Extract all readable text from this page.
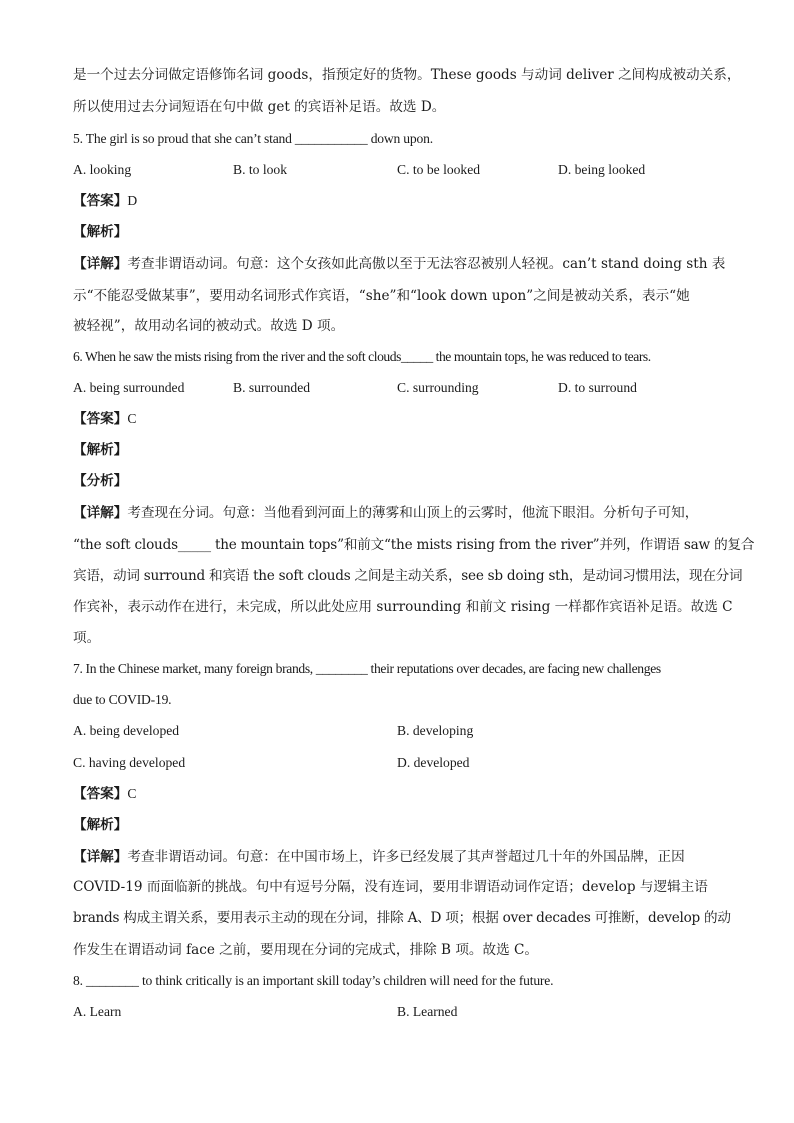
是一个过去分词做定语修饰名词 goods，指预定好的货物。These goods 与动词 deliver 之间构成被动关系，
所以使用过去分词短语在句中做 get 的宾语补足语。故选 D。
5. The girl is so proud that she can’t stand ___________ down upon.
A. looking	B. to look	C. to be looked	D. being looked
【答案】D
【解析】
【详解】考查非谓语动词。句意：这个女孩如此高傲以至于无法容忍被别人轻视。can’t stand doing sth 表
示“不能忍受做某事”，要用动名词形式作宾语，“she”和“look down upon”之间是被动关系，表示“她
被轻视”，故用动名词的被动式。故选 D 项。
6. When he saw the mists rising from the river and the soft clouds_____ the mountain tops, he was reduced to tears.
A. being surrounded	B. surrounded	C. surrounding	D. to surround
【答案】C
【解析】
【分析】
【详解】考查现在分词。句意：当他看到河面上的薄雾和山顶上的云雾时，他流下眼泪。分析句子可知，
“the soft clouds_____ the mountain tops”和前文“the mists rising from the river”并列，作谓语 saw 的复合
宾语，动词 surround 和宾语 the soft clouds 之间是主动关系，see sb doing sth，是动词习惯用法，现在分词
作宾补，表示动作在进行，未完成，所以此处应用 surrounding 和前文 rising 一样都作宾语补足语。故选 C
项。
7. In the Chinese market, many foreign brands, ________ their reputations over decades, are facing new challenges
due to COVID-19.
A. being developed	B. developing
C. having developed	D. developed
【答案】C
【解析】
【详解】考查非谓语动词。句意：在中国市场上，许多已经发展了其声誉超过几十年的外国品牌，正因
COVID-19 而面临新的挑战。句中有逗号分隔，没有连词，要用非谓语动词作定语；develop 与逻辑主语
brands 构成主谓关系，要用表示主动的现在分词，排除 A、D 项；根据 over decades 可推断，develop 的动
作发生在谓语动词 face 之前，要用现在分词的完成式，排除 B 项。故选 C。
8. ________ to think critically is an important skill today’s children will need for the future.
A. Learn	B. Learned
